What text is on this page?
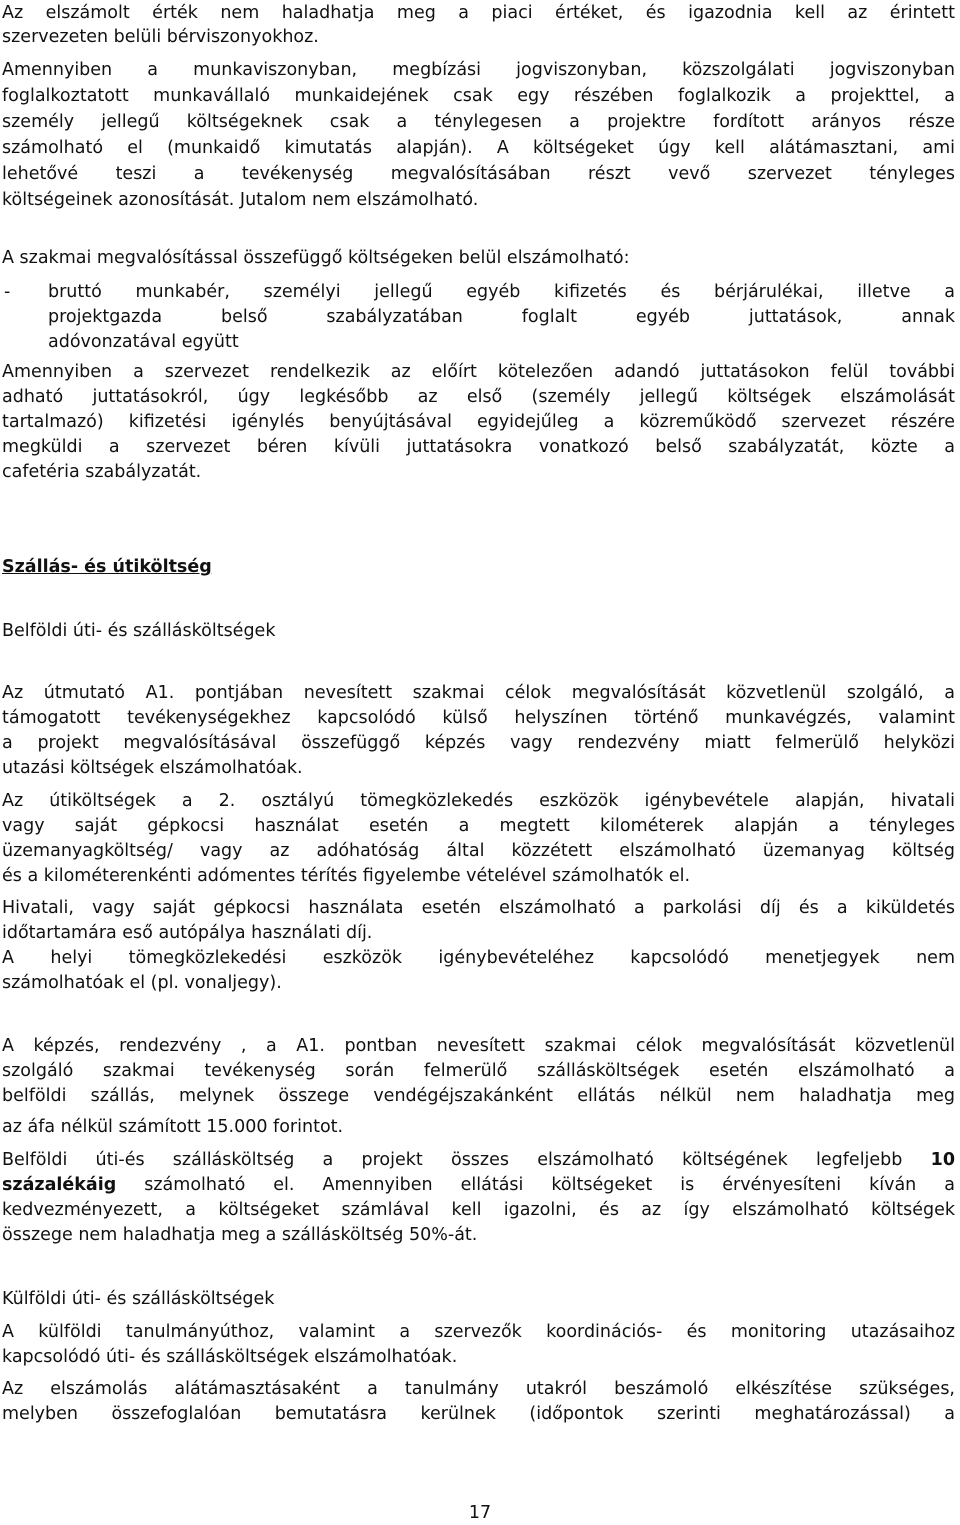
Az elszámolt érték nem haladhatja meg a piaci értéket, és igazodnia kell az érintett
szervezeten belüli bérviszonyokhoz.
Amennyiben a munkaviszonyban, megbízási jogviszonyban, közszolgálati jogviszonyban
foglalkoztatott munkavállaló munkaidejének csak egy részében foglalkozik a projekttel, a
személy jellegű költségeknek csak a ténylegesen a projektre fordított arányos része
számolható el (munkaidő kimutatás alapján). A költségeket úgy kell alátámasztani, ami
lehetővé teszi a tevékenység megvalósításában részt vevő szervezet tényleges
költségeinek azonosítását. Jutalom nem elszámolható.
A szakmai megvalósítással összefüggő költségeken belül elszámolható:
- bruttó munkabér, személyi jellegű egyéb kifizetés és bérjárulékai, illetve a
projektgazda belső szabályzatában foglalt egyéb juttatások, annak
adóvonzatával együtt
Amennyiben a szervezet rendelkezik az előírt kötelezően adandó juttatásokon felül további
adható juttatásokról, úgy legkésőbb az első (személy jellegű költségek elszámolását
tartalmazó) kifizetési igénylés benyújtásával egyidejűleg a közreműködő szervezet részére
megküldi a szervezet béren kívüli juttatásokra vonatkozó belső szabályzatát, közte a
cafetéria szabályzatát.
Szállás- és útiköltség
Belföldi úti- és szállásköltségek
Az útmutató A1. pontjában nevesített szakmai célok megvalósítását közvetlenül szolgáló, a
támogatott tevékenységekhez kapcsolódó külső helyszínen történő munkavégzés, valamint
a projekt megvalósításával összefüggő képzés vagy rendezvény miatt felmerülő helyközi
utazási költségek elszámolhatóak.
Az útiköltségek a 2. osztályú tömegközlekedés eszközök igénybevétele alapján, hivatali
vagy saját gépkocsi használat esetén a megtett kilométerek alapján a tényleges
üzemanyagköltség/ vagy az adóhatóság által közzétett elszámolható üzemanyag költség
és a kilométerenkénti adómentes térítés figyelembe vételével számolhatók el.
Hivatali, vagy saját gépkocsi használata esetén elszámolható a parkolási díj és a kiküldetés
időtartamára eső autópálya használati díj.
A helyi tömegközlekedési eszközök igénybevételéhez kapcsolódó menetjegyek nem
számolhatóak el (pl. vonaljegy).
A képzés, rendezvény , a A1. pontban nevesített szakmai célok megvalósítását közvetlenül
szolgáló szakmai tevékenység során felmerülő szállásköltségek esetén elszámolható a
belföldi szállás, melynek összege vendégéjszakánként ellátás nélkül nem haladhatja meg
az áfa nélkül számított 15.000 forintot.
Belföldi úti-és szállásköltség a projekt összes elszámolható költségének legfeljebb 10
százalékáig számolható el. Amennyiben ellátási költségeket is érvényesíteni kíván a
kedvezményezett, a költségeket számlával kell igazolni, és az így elszámolható költségek
összege nem haladhatja meg a szállásköltség 50%-át.
Külföldi úti- és szállásköltségek
A külföldi tanulmányúthoz, valamint a szervezők koordinációs- és monitoring utazásaihoz
kapcsolódó úti- és szállásköltségek elszámolhatóak.
Az elszámolás alátámasztásaként a tanulmány utakról beszámoló elkészítése szükséges,
melyben összefoglalóan bemutatásra kerülnek (időpontok szerinti meghatározással) a
17
